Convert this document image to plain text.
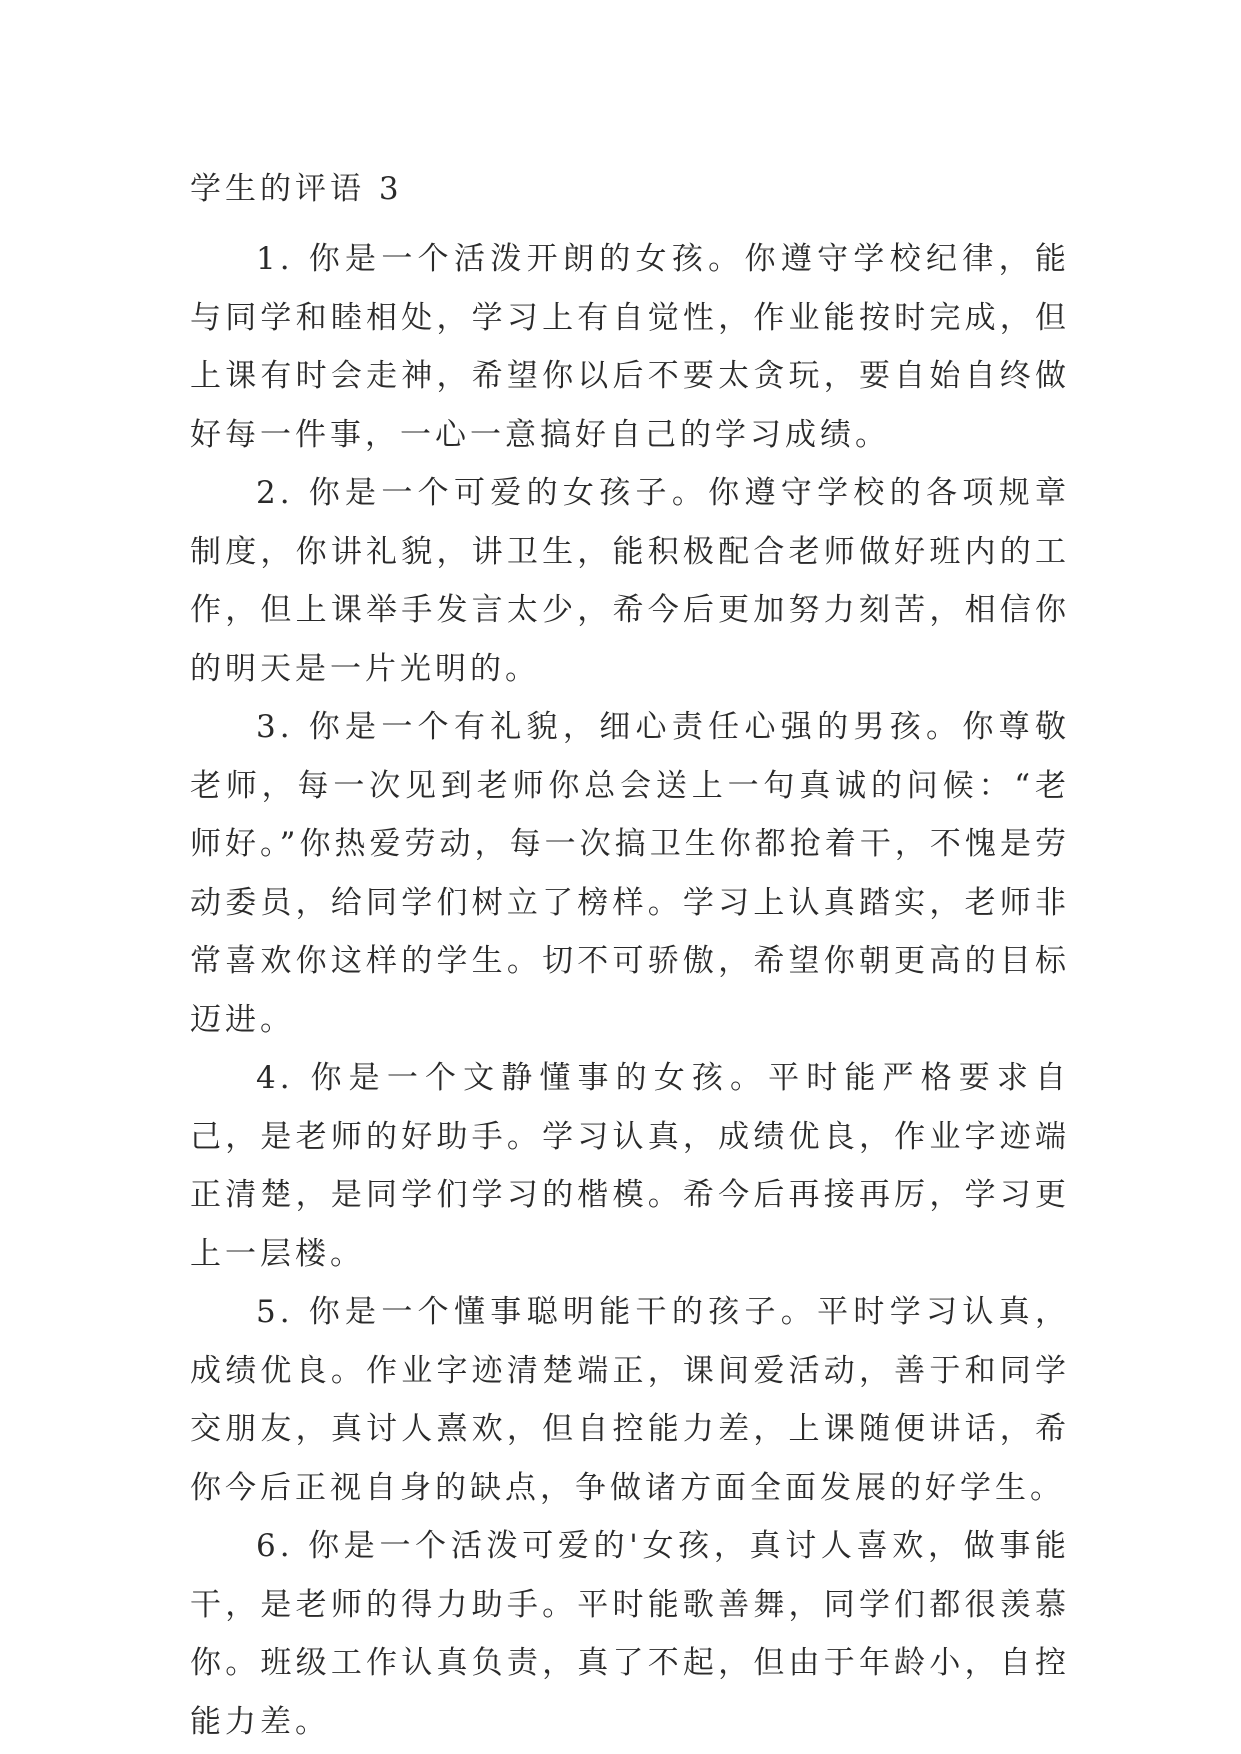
学生的评语 3

1. 你是一个活泼开朗的女孩。你遵守学校纪律，能与同学和睦相处，学习上有自觉性，作业能按时完成，但上课有时会走神，希望你以后不要太贪玩，要自始自终做好每一件事，一心一意搞好自己的学习成绩。

2. 你是一个可爱的女孩子。你遵守学校的各项规章制度，你讲礼貌，讲卫生，能积极配合老师做好班内的工作，但上课举手发言太少，希今后更加努力刻苦，相信你的明天是一片光明的。

3. 你是一个有礼貌，细心责任心强的男孩。你尊敬老师，每一次见到老师你总会送上一句真诚的问候：“老师好。”你热爱劳动，每一次搞卫生你都抢着干，不愧是劳动委员，给同学们树立了榜样。学习上认真踏实，老师非常喜欢你这样的学生。切不可骄傲，希望你朝更高的目标迈进。

4. 你是一个文静懂事的女孩。平时能严格要求自己，是老师的好助手。学习认真，成绩优良，作业字迹端正清楚，是同学们学习的楷模。希今后再接再厉，学习更上一层楼。

5. 你是一个懂事聪明能干的孩子。平时学习认真，成绩优良。作业字迹清楚端正，课间爱活动，善于和同学交朋友，真讨人熹欢，但自控能力差，上课随便讲话，希你今后正视自身的缺点，争做诸方面全面发展的好学生。

6. 你是一个活泼可爱的'女孩，真讨人喜欢，做事能干，是老师的得力助手。平时能歌善舞，同学们都很羡慕你。班级工作认真负责，真了不起，但由于年龄小，自控能力差。
